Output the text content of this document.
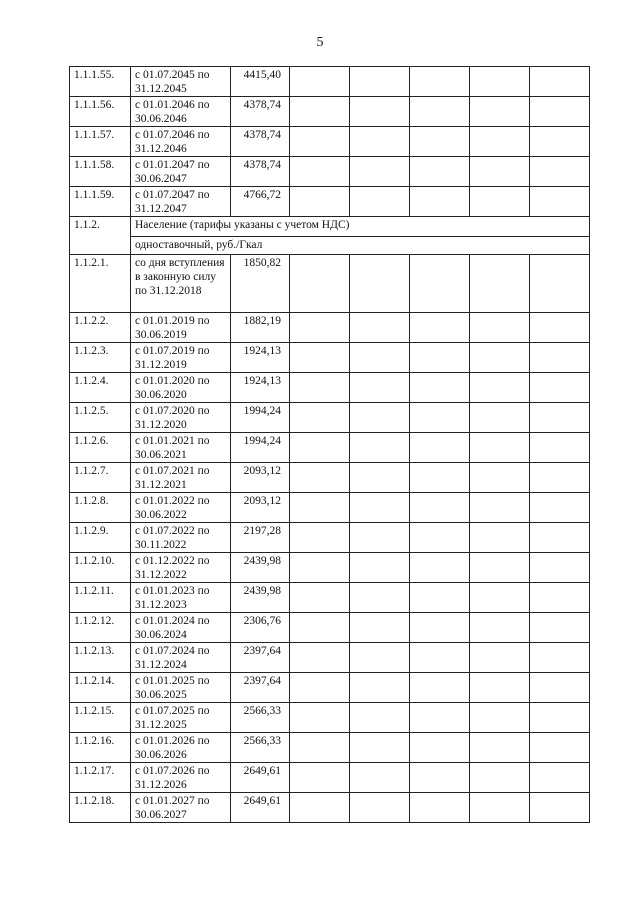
5
1.1.1.55.	с 01.07.2045 по 31.12.2045	4415,40					
1.1.1.56.	с 01.01.2046 по 30.06.2046	4378,74					
1.1.1.57.	с 01.07.2046 по 31.12.2046	4378,74					
1.1.1.58.	с 01.01.2047 по 30.06.2047	4378,74					
1.1.1.59.	с 01.07.2047 по 31.12.2047	4766,72					
1.1.2.	Население (тарифы указаны с учетом НДС)
одноставочный, руб./Гкал						

1.1.2.1.	со дня вступления в законную силу по 31.12.2018	1850,82					
1.1.2.2.	с 01.01.2019 по 30.06.2019	1882,19					
1.1.2.3.	с 01.07.2019 по 31.12.2019	1924,13					
1.1.2.4.	с 01.01.2020 по 30.06.2020	1924,13					
1.1.2.5.	с 01.07.2020 по 31.12.2020	1994,24					
1.1.2.6.	с 01.01.2021 по 30.06.2021	1994,24					
1.1.2.7.	с 01.07.2021 по 31.12.2021	2093,12					
1.1.2.8.	с 01.01.2022 по 30.06.2022	2093,12					
1.1.2.9.	с 01.07.2022 по 30.11.2022	2197,28					
1.1.2.10.	с 01.12.2022 по 31.12.2022	2439,98					
1.1.2.11.	с 01.01.2023 по 31.12.2023	2439,98					
1.1.2.12.	с 01.01.2024 по 30.06.2024	2306,76					
1.1.2.13.	с 01.07.2024 по 31.12.2024	2397,64					
1.1.2.14.	с 01.01.2025 по 30.06.2025	2397,64					
1.1.2.15.	с 01.07.2025 по 31.12.2025	2566,33					
1.1.2.16.	с 01.01.2026 по 30.06.2026	2566,33					
1.1.2.17.	с 01.07.2026 по 31.12.2026	2649,61					
1.1.2.18.	с 01.01.2027 по 30.06.2027	2649,61					
